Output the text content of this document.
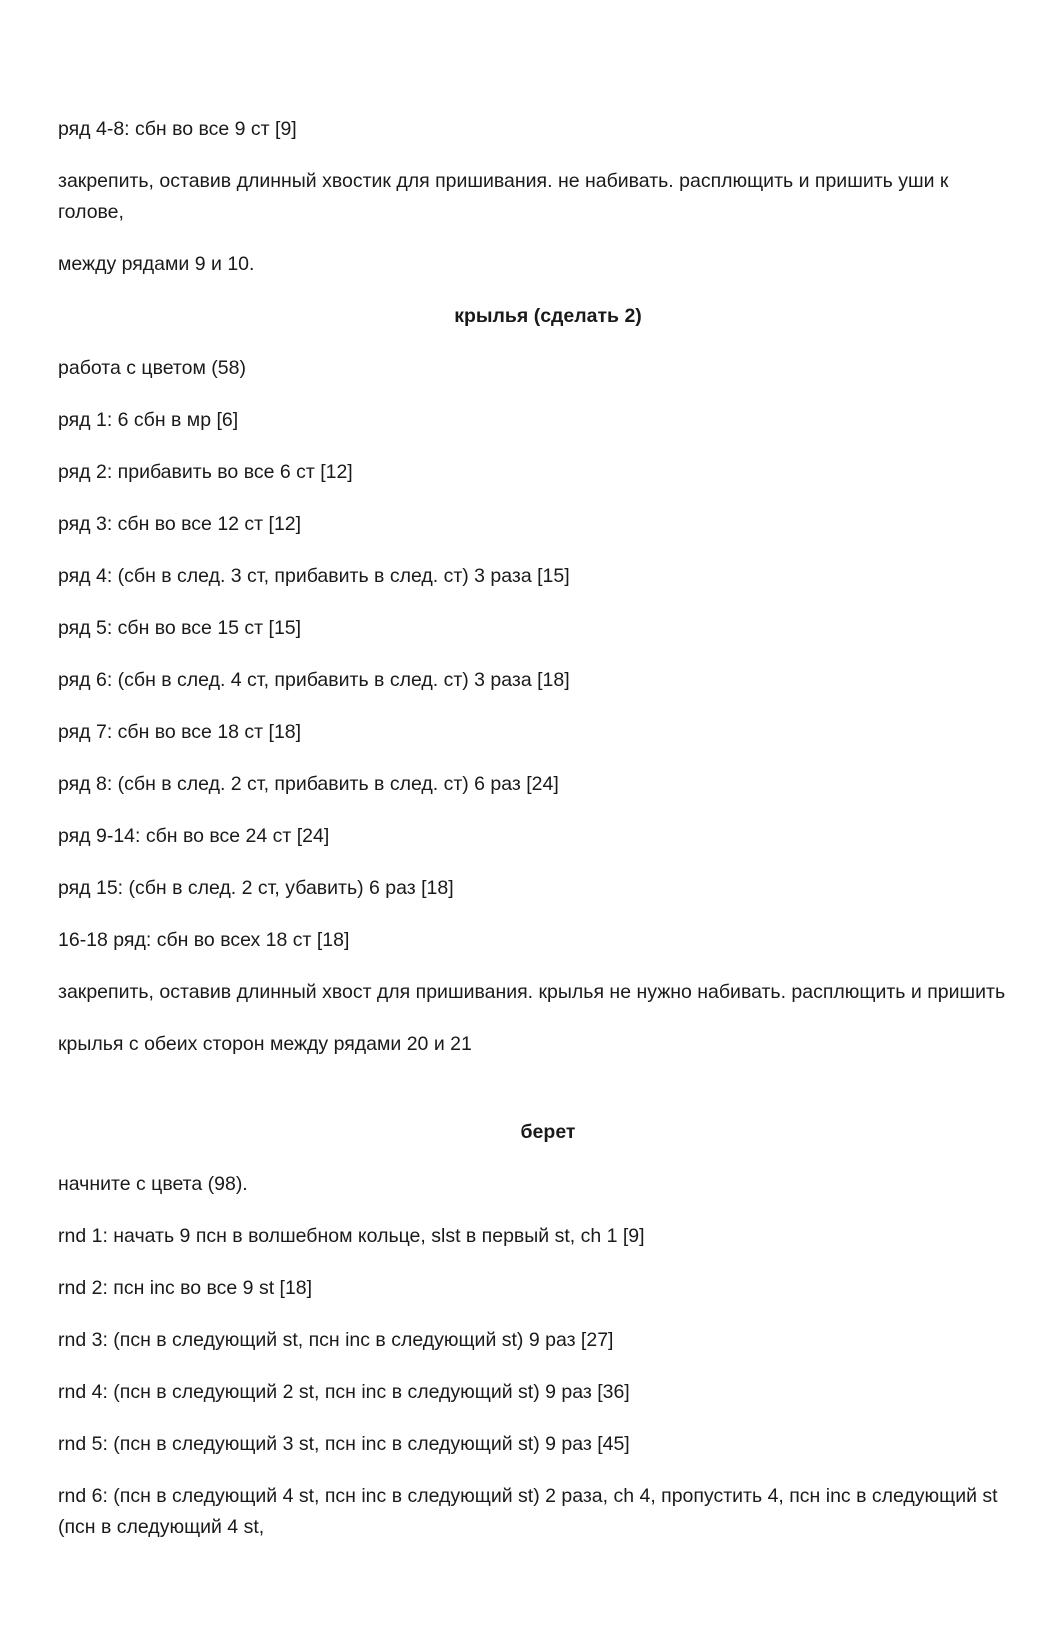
ряд 4-8: сбн во все 9 ст [9]

закрепить, оставив длинный хвостик для пришивания. не набивать. расплющить и пришить уши к голове,

между рядами 9 и 10.

крылья (сделать 2)

работа с цветом (58)

ряд 1: 6 сбн в мр [6]

ряд 2: прибавить во все 6 ст [12]

ряд 3: сбн во все 12 ст [12]

ряд 4: (сбн в след. 3 ст, прибавить в след. ст) 3 раза [15]

ряд 5: сбн во все 15 ст [15]

ряд 6: (сбн в след. 4 ст, прибавить в след. ст) 3 раза [18]

ряд 7: сбн во все 18 ст [18]

ряд 8: (сбн в след. 2 ст, прибавить в след. ст) 6 раз [24]

ряд 9-14: сбн во все 24 ст [24]

ряд 15: (сбн в след. 2 ст, убавить) 6 раз [18]

16-18 ряд: сбн во всех 18 ст [18]

закрепить, оставив длинный хвост для пришивания. крылья не нужно набивать. расплющить и пришить

крылья с обеих сторон между рядами 20 и 21

берет

начните с цвета (98).

rnd 1: начать 9 псн в волшебном кольце, slst в первый st, ch 1 [9]

rnd 2: псн inc во все 9 st [18]

rnd 3: (псн в следующий st, псн inc в следующий st) 9 раз [27]

rnd 4: (псн в следующий 2 st, псн inc в следующий st) 9 раз [36]

rnd 5: (псн в следующий 3 st, псн inc в следующий st) 9 раз [45]

rnd 6: (псн в следующий 4 st, псн inc в следующий st) 2 раза, ch 4, пропустить 4, псн inc в следующий st (псн в следующий 4 st,
